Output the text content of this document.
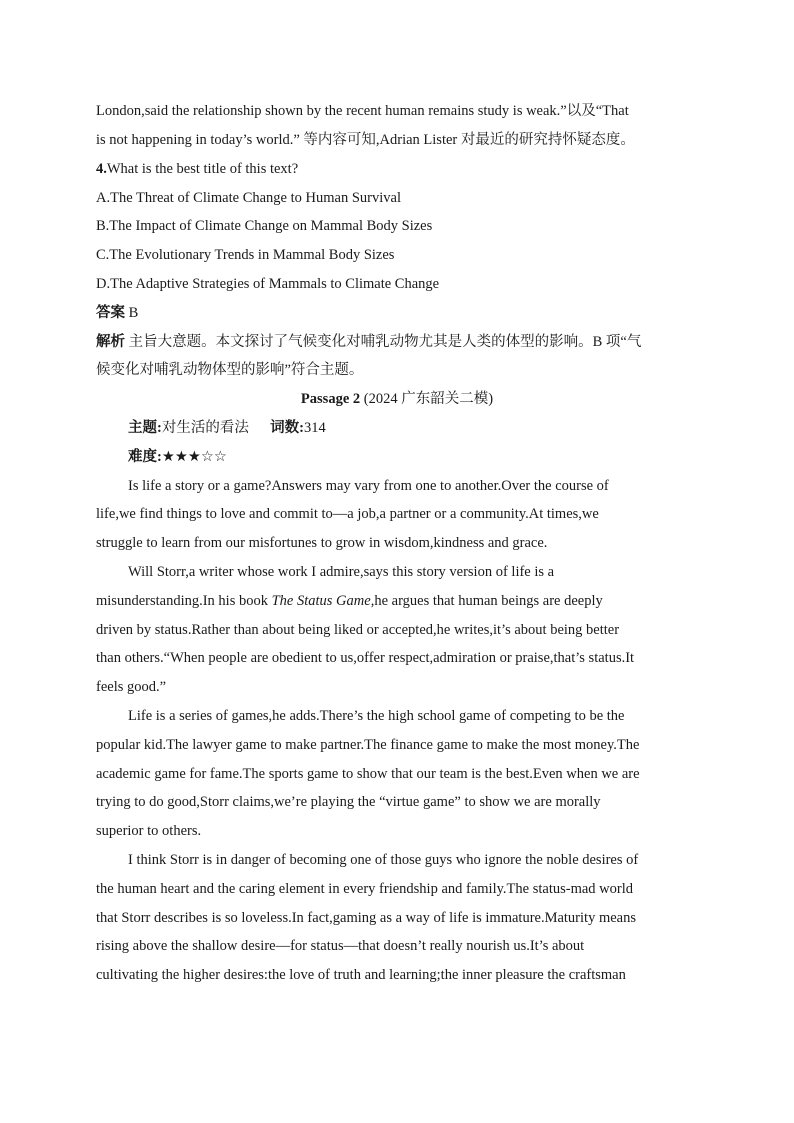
London,said the relationship shown by the recent human remains study is weak.”以及“That
is not happening in today’s world.” 等内容可知,Adrian Lister 对最近的研究持怀疑态度。
4.What is the best title of this text?
A.The Threat of Climate Change to Human Survival
B.The Impact of Climate Change on Mammal Body Sizes
C.The Evolutionary Trends in Mammal Body Sizes
D.The Adaptive Strategies of Mammals to Climate Change
答案 B
解析 主旨大意题。本文探讨了气候变化对哺乳动物尤其是人类的体型的影响。B 项“气
候变化对哺乳动物体型的影响”符合主题。
Passage 2 (2024 广东韶关二模)
主题:对生活的看法 词数:314
难度:★★★☆☆
Is life a story or a game?Answers may vary from one to another.Over the course of
life,we find things to love and commit to—a job,a partner or a community.At times,we
struggle to learn from our misfortunes to grow in wisdom,kindness and grace.
Will Storr,a writer whose work I admire,says this story version of life is a
misunderstanding.In his book The Status Game,he argues that human beings are deeply
driven by status.Rather than about being liked or accepted,he writes,it’s about being better
than others.“When people are obedient to us,offer respect,admiration or praise,that’s status.It
feels good.”
Life is a series of games,he adds.There’s the high school game of competing to be the
popular kid.The lawyer game to make partner.The finance game to make the most money.The
academic game for fame.The sports game to show that our team is the best.Even when we are
trying to do good,Storr claims,we’re playing the “virtue game” to show we are morally
superior to others.
I think Storr is in danger of becoming one of those guys who ignore the noble desires of
the human heart and the caring element in every friendship and family.The status-mad world
that Storr describes is so loveless.In fact,gaming as a way of life is immature.Maturity means
rising above the shallow desire—for status—that doesn’t really nourish us.It’s about
cultivating the higher desires:the love of truth and learning;the inner pleasure the craftsman
